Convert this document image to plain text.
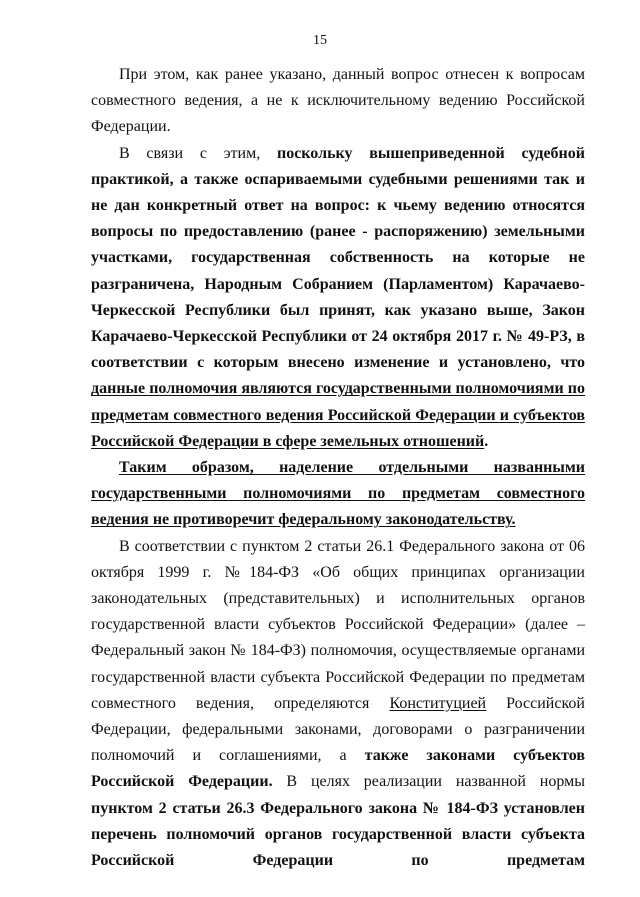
15

При этом, как ранее указано, данный вопрос отнесен к вопросам совместного ведения, а не к исключительному ведению Российской Федерации.

В связи с этим, поскольку вышеприведенной судебной практикой, а также оспариваемыми судебными решениями так и не дан конкретный ответ на вопрос: к чьему ведению относятся вопросы по предоставлению (ранее - распоряжению) земельными участками, государственная собственность на которые не разграничена, Народным Собранием (Парламентом) Карачаево-Черкесской Республики был принят, как указано выше, Закон Карачаево-Черкесской Республики от 24 октября 2017 г. № 49-РЗ, в соответствии с которым внесено изменение и установлено, что данные полномочия являются государственными полномочиями по предметам совместного ведения Российской Федерации и субъектов Российской Федерации в сфере земельных отношений.

Таким образом, наделение отдельными названными государственными полномочиями по предметам совместного ведения не противоречит федеральному законодательству.

В соответствии с пунктом 2 статьи 26.1 Федерального закона от 06 октября 1999 г. №184-ФЗ «Об общих принципах организации законодательных (представительных) и исполнительных органов государственной власти субъектов Российской Федерации» (далее – Федеральный закон № 184-ФЗ) полномочия, осуществляемые органами государственной власти субъекта Российской Федерации по предметам совместного ведения, определяются Конституцией Российской Федерации, федеральными законами, договорами о разграничении полномочий и соглашениями, а также законами субъектов Российской Федерации. В целях реализации названной нормы пунктом 2 статьи 26.3 Федерального закона № 184-ФЗ установлен перечень полномочий органов государственной власти субъекта Российской Федерации по предметам
